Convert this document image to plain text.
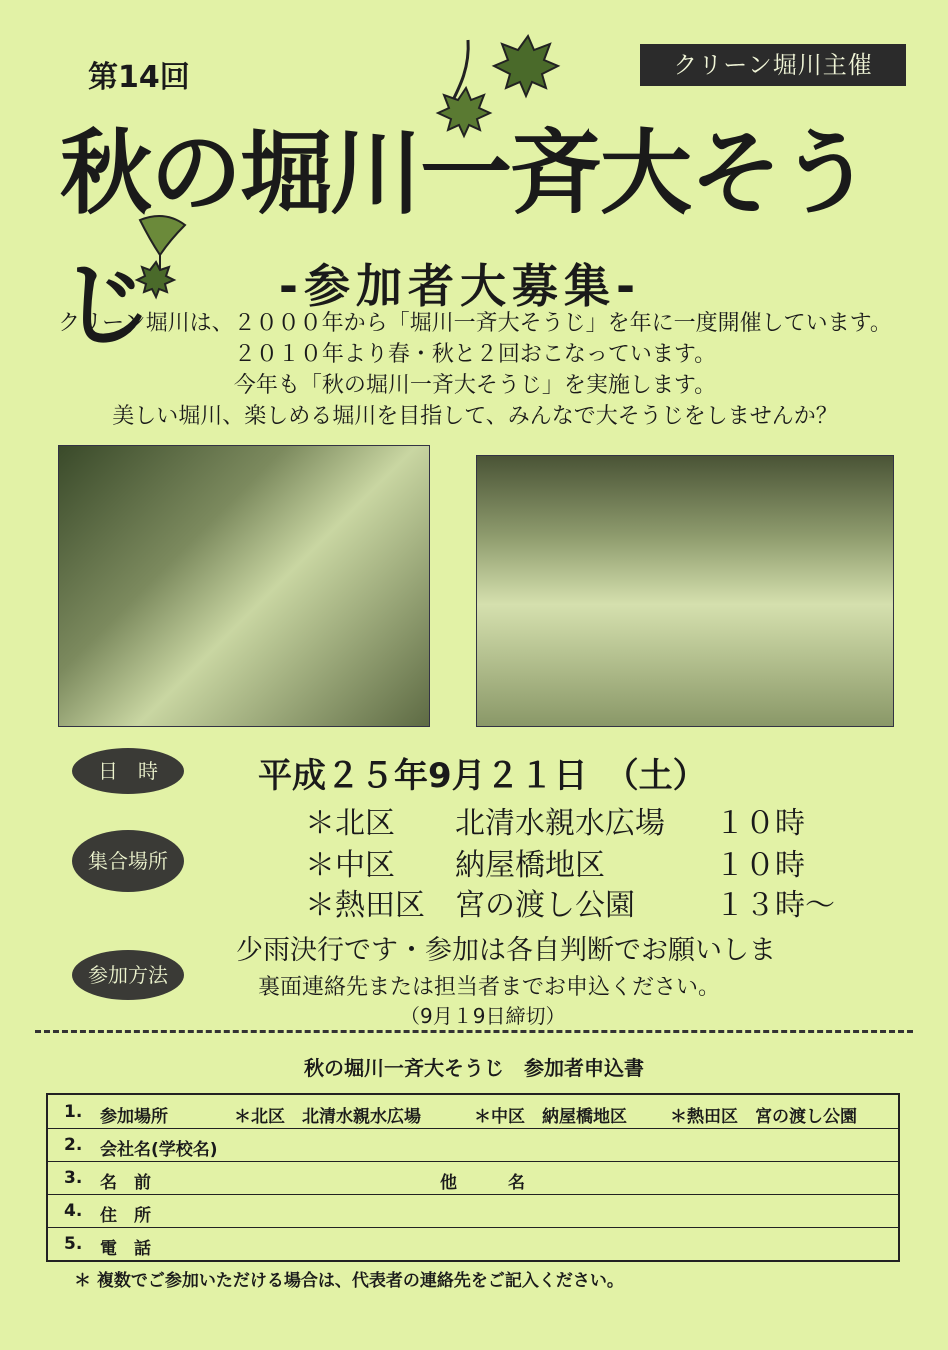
クリーン堀川主催
第14回
秋の堀川一斉大そうじ	-参加者大募集-
クリーン堀川は、２０００年から「堀川一斉大そうじ」を年に一度開催しています。
２０１０年より春・秋と２回おこなっています。
今年も「秋の堀川一斉大そうじ」を実施します。
美しい堀川、楽しめる堀川を目指して、みんなで大そうじをしませんか？
日　時
集合場所
参加方法
平成２５年9月２１日　（土）
＊北区 北清水親水広場 １０時
＊中区 納屋橋地区	１０時
＊熱田区 宮の渡し公園	１３時～
少雨決行です・参加は各自判断でお願いしま
裏面連絡先または担当者までお申込ください。
（9月１9日締切）
秋の堀川一斉大そうじ　参加者申込書
1. 参加場所	＊北区　北清水親水広場	＊中区　納屋橋地区	＊熱田区　宮の渡し公園
2. 会社名(学校名)
3. 名　前	他　　　名
4. 住　所
5. 電　話
＊ 複数でご参加いただける場合は、代表者の連絡先をご記入ください。
